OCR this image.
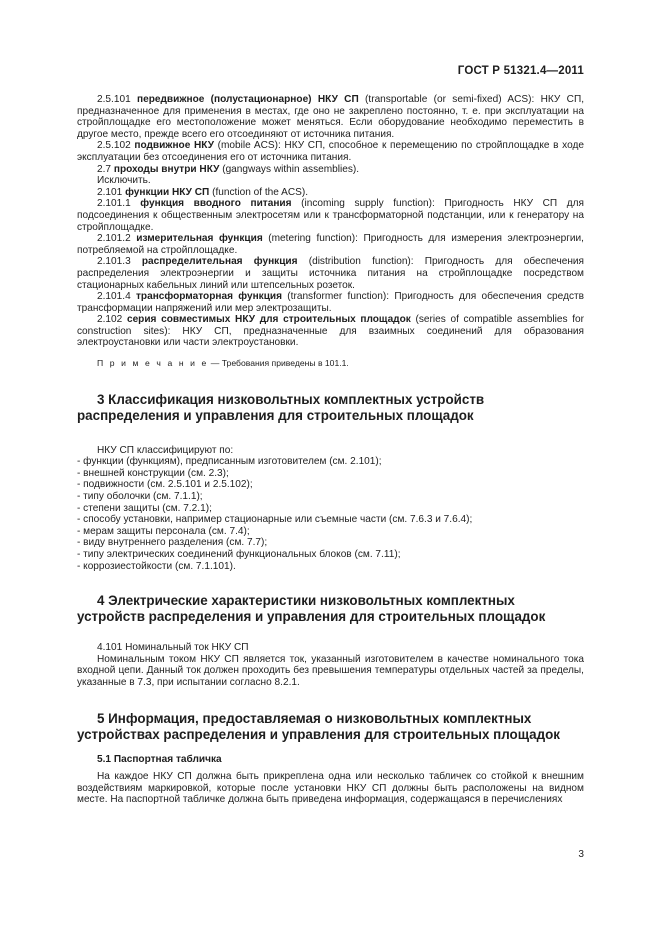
ГОСТ Р 51321.4—2011

2.5.101 передвижное (полустационарное) НКУ СП (transportable (or semi-fixed) ACS): НКУ СП, предназначенное для применения в местах, где оно не закреплено постоянно, т. е. при эксплуатации на стройплощадке его местоположение может меняться. Если оборудование необходимо переместить в другое место, прежде всего его отсоединяют от источника питания.

2.5.102 подвижное НКУ (mobile ACS): НКУ СП, способное к перемещению по стройплощадке в ходе эксплуатации без отсоединения его от источника питания.

2.7 проходы внутри НКУ (gangways within assemblies).

Исключить.

2.101 функции НКУ СП (function of the ACS).

2.101.1 функция вводного питания (incoming supply function): Пригодность НКУ СП для подсоединения к общественным электросетям или к трансформаторной подстанции, или к генератору на стройплощадке.

2.101.2 измерительная функция (metering function): Пригодность для измерения электроэнергии, потребляемой на стройплощадке.

2.101.3 распределительная функция (distribution function): Пригодность для обеспечения распределения электроэнергии и защиты источника питания на стройплощадке посредством стационарных кабельных линий или штепсельных розеток.

2.101.4 трансформаторная функция (transformer function): Пригодность для обеспечения средств трансформации напряжений или мер электрозащиты.

2.102 серия совместимых НКУ для строительных площадок (series of compatible assemblies for construction sites): НКУ СП, предназначенные для взаимных соединений для образования электроустановки или части электроустановки.

П р и м е ч а н и е — Требования приведены в 101.1.

3 Классификация низковольтных комплектных устройств распределения и управления для строительных площадок

НКУ СП классифицируют по:

- функции (функциям), предписанным изготовителем (см. 2.101);
- внешней конструкции (см. 2.3);
- подвижности (см. 2.5.101 и 2.5.102);
- типу оболочки (см. 7.1.1);
- степени защиты (см. 7.2.1);
- способу установки, например стационарные или съемные части (см. 7.6.3 и 7.6.4);
- мерам защиты персонала (см. 7.4);
- виду внутреннего разделения (см. 7.7);
- типу электрических соединений функциональных блоков (см. 7.11);
- коррозиестойкости (см. 7.1.101).
4 Электрические характеристики низковольтных комплектных устройств распределения и управления для строительных площадок

4.101 Номинальный ток НКУ СП

Номинальным током НКУ СП является ток, указанный изготовителем в качестве номинального тока входной цепи. Данный ток должен проходить без превышения температуры отдельных частей за пределы, указанные в 7.3, при испытании согласно 8.2.1.

5 Информация, предоставляемая о низковольтных комплектных устройствах распределения и управления для строительных площадок
5.1 Паспортная табличка

На каждое НКУ СП должна быть прикреплена одна или несколько табличек со стойкой к внешним воздействиям маркировкой, которые после установки НКУ СП должны быть расположены на видном месте. На паспортной табличке должна быть приведена информация, содержащаяся в перечислениях

3
